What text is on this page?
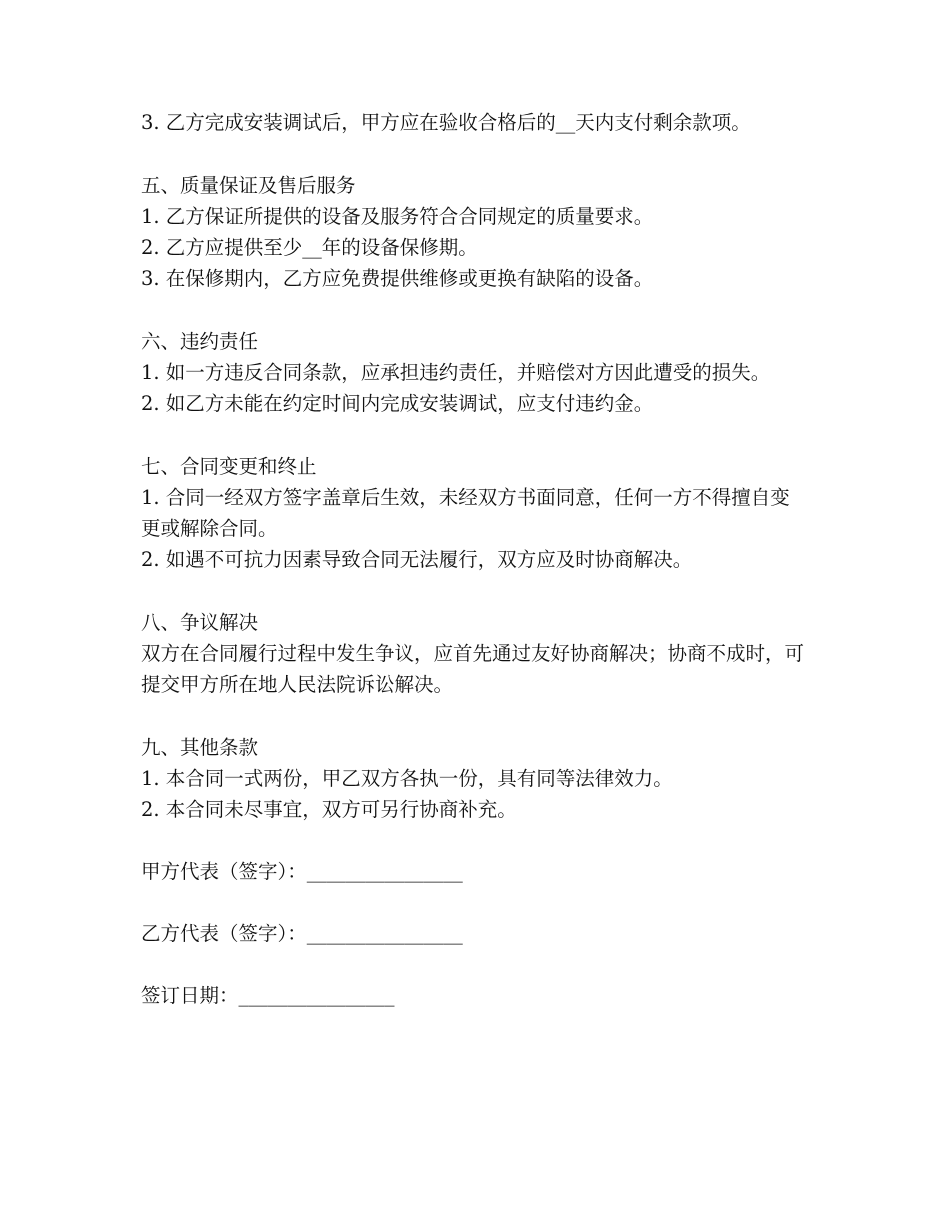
3. 乙方完成安装调试后，甲方应在验收合格后的__天内支付剩余款项。

五、质量保证及售后服务

1. 乙方保证所提供的设备及服务符合合同规定的质量要求。

2. 乙方应提供至少__年的设备保修期。

3. 在保修期内，乙方应免费提供维修或更换有缺陷的设备。

六、违约责任

1. 如一方违反合同条款，应承担违约责任，并赔偿对方因此遭受的损失。

2. 如乙方未能在约定时间内完成安装调试，应支付违约金。

七、合同变更和终止

1. 合同一经双方签字盖章后生效，未经双方书面同意，任何一方不得擅自变更或解除合同。

2. 如遇不可抗力因素导致合同无法履行，双方应及时协商解决。

八、争议解决

双方在合同履行过程中发生争议，应首先通过友好协商解决；协商不成时，可提交甲方所在地人民法院诉讼解决。

九、其他条款

1. 本合同一式两份，甲乙双方各执一份，具有同等法律效力。

2. 本合同未尽事宜，双方可另行协商补充。

甲方代表（签字）：________________

乙方代表（签字）：________________

签订日期：________________
